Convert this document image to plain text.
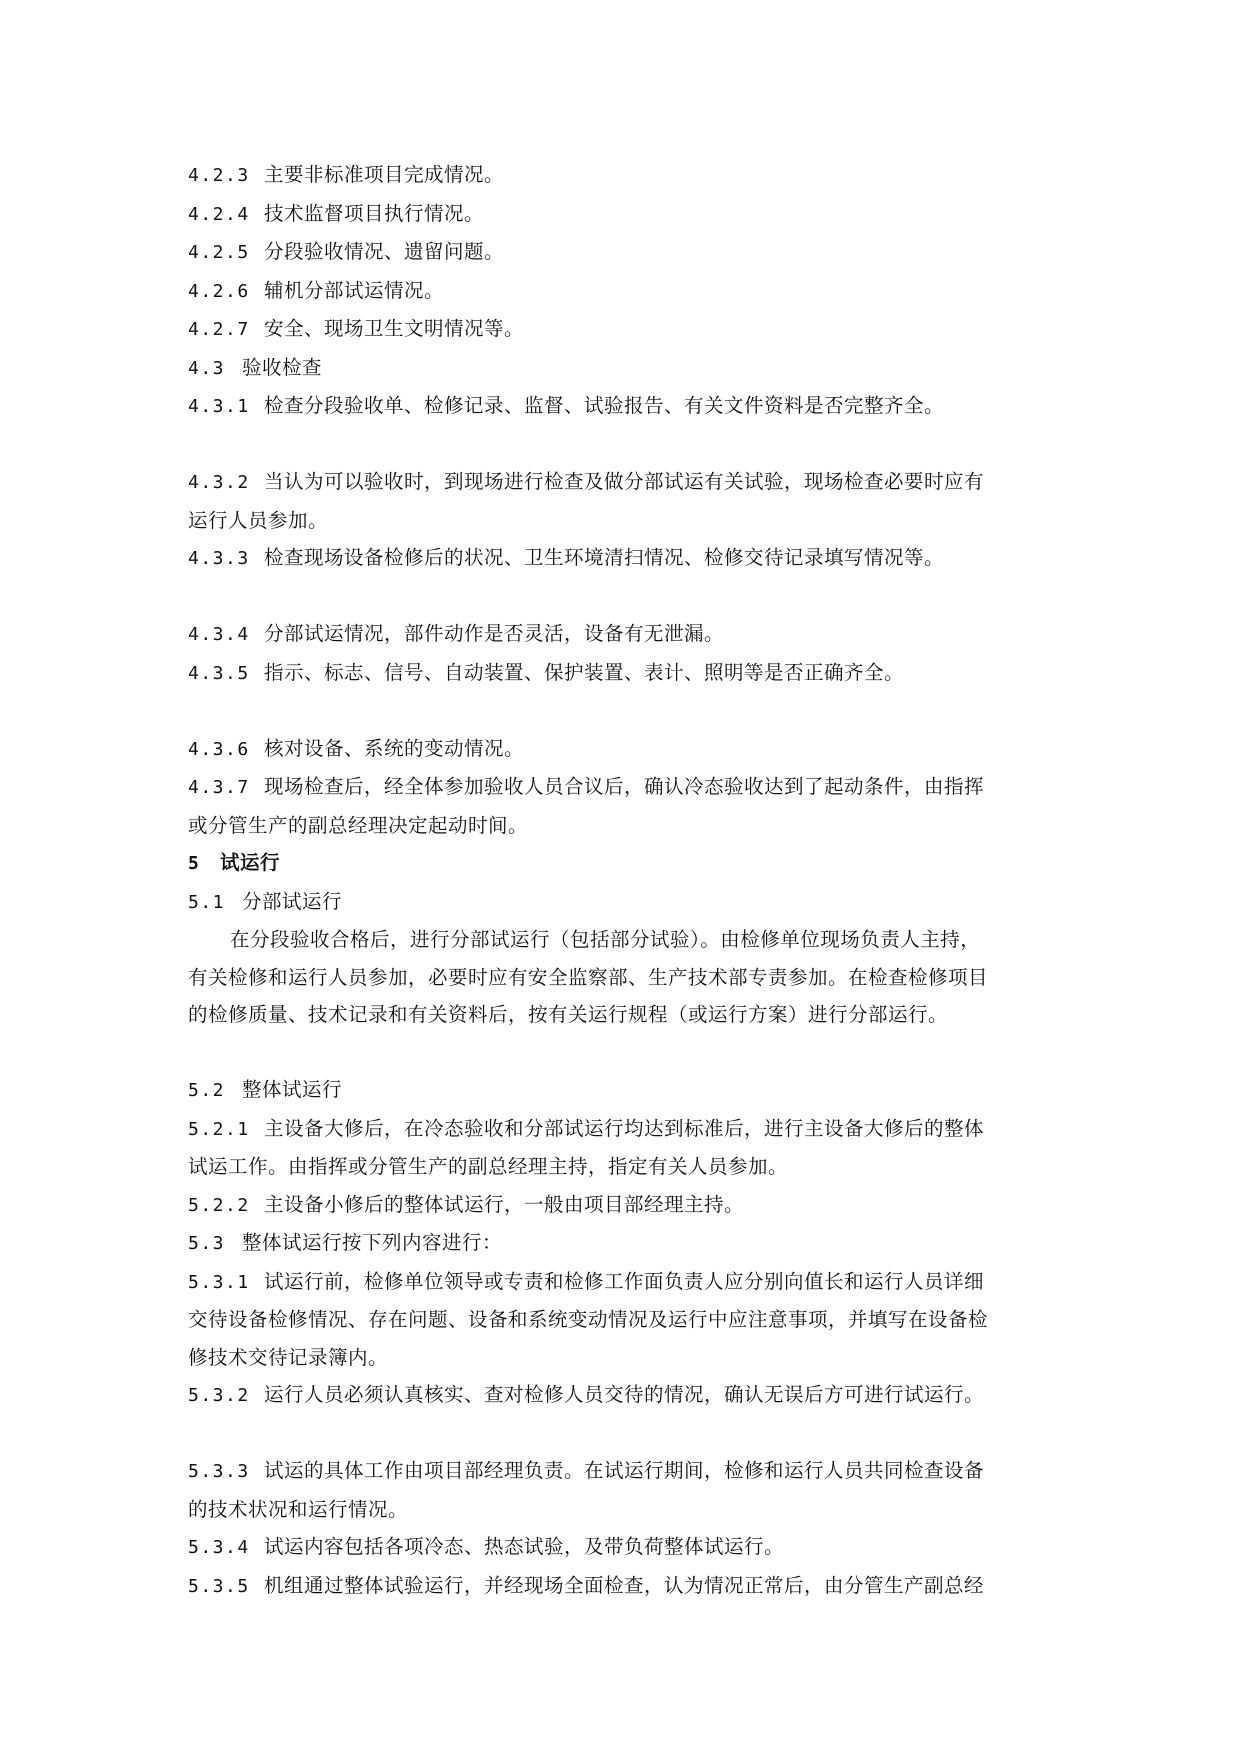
4.2.3 主要非标准项目完成情况。
4.2.4 技术监督项目执行情况。
4.2.5 分段验收情况、遗留问题。
4.2.6 辅机分部试运情况。
4.2.7 安全、现场卫生文明情况等。
4.3 验收检查
4.3.1 检查分段验收单、检修记录、监督、试验报告、有关文件资料是否完整齐全。
4.3.2 当认为可以验收时，到现场进行检查及做分部试运有关试验，现场检查必要时应有
运行人员参加。
4.3.3 检查现场设备检修后的状况、卫生环境清扫情况、检修交待记录填写情况等。
4.3.4 分部试运情况，部件动作是否灵活，设备有无泄漏。
4.3.5 指示、标志、信号、自动装置、保护装置、表计、照明等是否正确齐全。
4.3.6 核对设备、系统的变动情况。
4.3.7 现场检查后，经全体参加验收人员合议后，确认冷态验收达到了起动条件，由指挥
或分管生产的副总经理决定起动时间。
5 试运行
5.1 分部试运行
在分段验收合格后，进行分部试运行（包括部分试验）。由检修单位现场负责人主持，
有关检修和运行人员参加，必要时应有安全监察部、生产技术部专责参加。在检查检修项目
的检修质量、技术记录和有关资料后，按有关运行规程（或运行方案）进行分部运行。
5.2 整体试运行
5.2.1 主设备大修后，在冷态验收和分部试运行均达到标准后，进行主设备大修后的整体
试运工作。由指挥或分管生产的副总经理主持，指定有关人员参加。
5.2.2 主设备小修后的整体试运行，一般由项目部经理主持。
5.3 整体试运行按下列内容进行：
5.3.1 试运行前，检修单位领导或专责和检修工作面负责人应分别向值长和运行人员详细
交待设备检修情况、存在问题、设备和系统变动情况及运行中应注意事项，并填写在设备检
修技术交待记录簿内。
5.3.2 运行人员必须认真核实、查对检修人员交待的情况，确认无误后方可进行试运行。
5.3.3 试运的具体工作由项目部经理负责。在试运行期间，检修和运行人员共同检查设备
的技术状况和运行情况。
5.3.4 试运内容包括各项冷态、热态试验，及带负荷整体试运行。
5.3.5 机组通过整体试验运行，并经现场全面检查，认为情况正常后，由分管生产副总经
